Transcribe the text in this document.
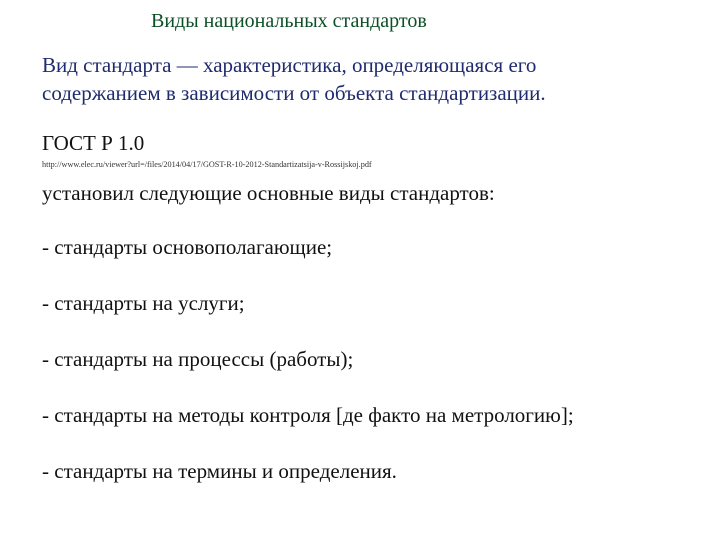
Виды национальных стандартов
Вид стандарта — характеристика, определяющаяся его
содержанием в зависимости от объекта стандартизации.
ГОСТ Р 1.0
http://www.elec.ru/viewer?url=/files/2014/04/17/GOST-R-10-2012-Standartizatsija-v-Rossijskoj.pdf
установил следующие основные виды стандартов:
- стандарты основополагающие;
- стандарты на услуги;
- стандарты на процессы (работы);
- стандарты на методы контроля [де факто на метрологию];
- стандарты на термины и определения.
